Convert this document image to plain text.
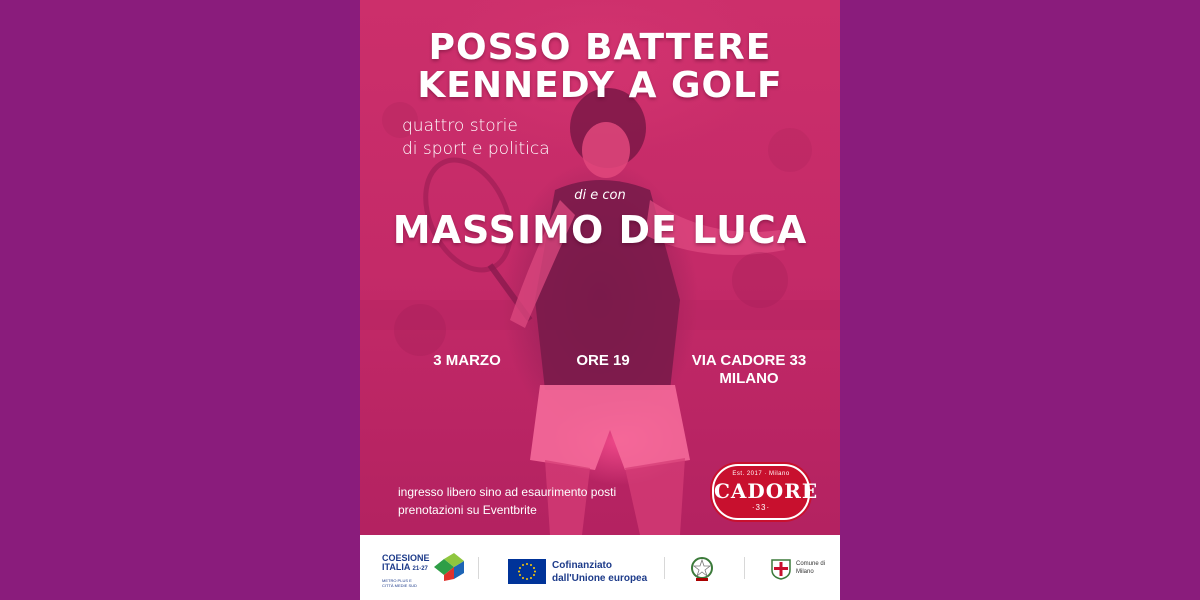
POSSO BATTERE
KENNEDY A GOLF
quattro storie
di sport e politica
di e con
MASSIMO DE LUCA
3 MARZO	ORE 19	VIA CADORE 33
MILANO
ingresso libero sino ad esaurimento posti
prenotazioni su Eventbrite
Est. 2017 · Milano
CADORE
·33·
COESIONE
ITALIA 21-27
METRO PLUS E CITTÀ MEDIE SUD
Cofinanziato
dall'Unione europea
Comune di
Milano
